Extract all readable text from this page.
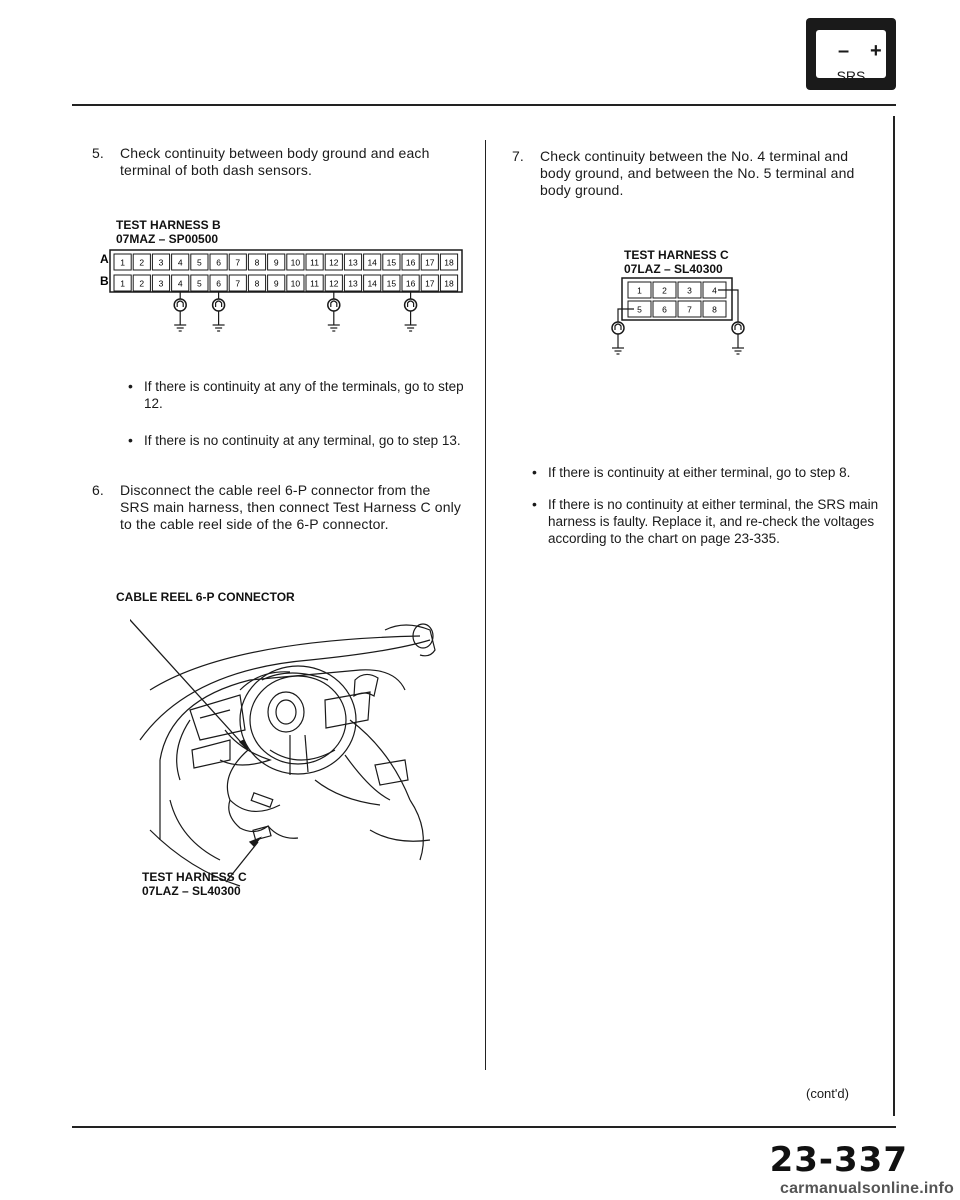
– +
SRS
5. Check continuity between body ground and each terminal of both dash sensors.
TEST HARNESS B
07MAZ – SP00500
A
B
1 2 3 4 5 6 7 8 9 10 11 12 13 14 15 16 17 18
1 2 3 4 5 6 7 8 9 10 11 12 13 14 15 16 17 18
• If there is continuity at any of the terminals, go to step 12.
• If there is no continuity at any terminal, go to step 13.
6. Disconnect the cable reel 6-P connector from the SRS main harness, then connect Test Harness C only to the cable reel side of the 6-P connector.
CABLE REEL 6-P CONNECTOR
TEST HARNESS C
07LAZ – SL40300
7. Check continuity between the No. 4 terminal and body ground, and between the No. 5 terminal and body ground.
TEST HARNESS C
07LAZ – SL40300
1 2 3 4
5 6 7 8
• If there is continuity at either terminal, go to step 8.
• If there is no continuity at either terminal, the SRS main harness is faulty. Replace it, and re-check the voltages according to the chart on page 23-335.
(cont'd)
23-337
carmanualsonline.info
